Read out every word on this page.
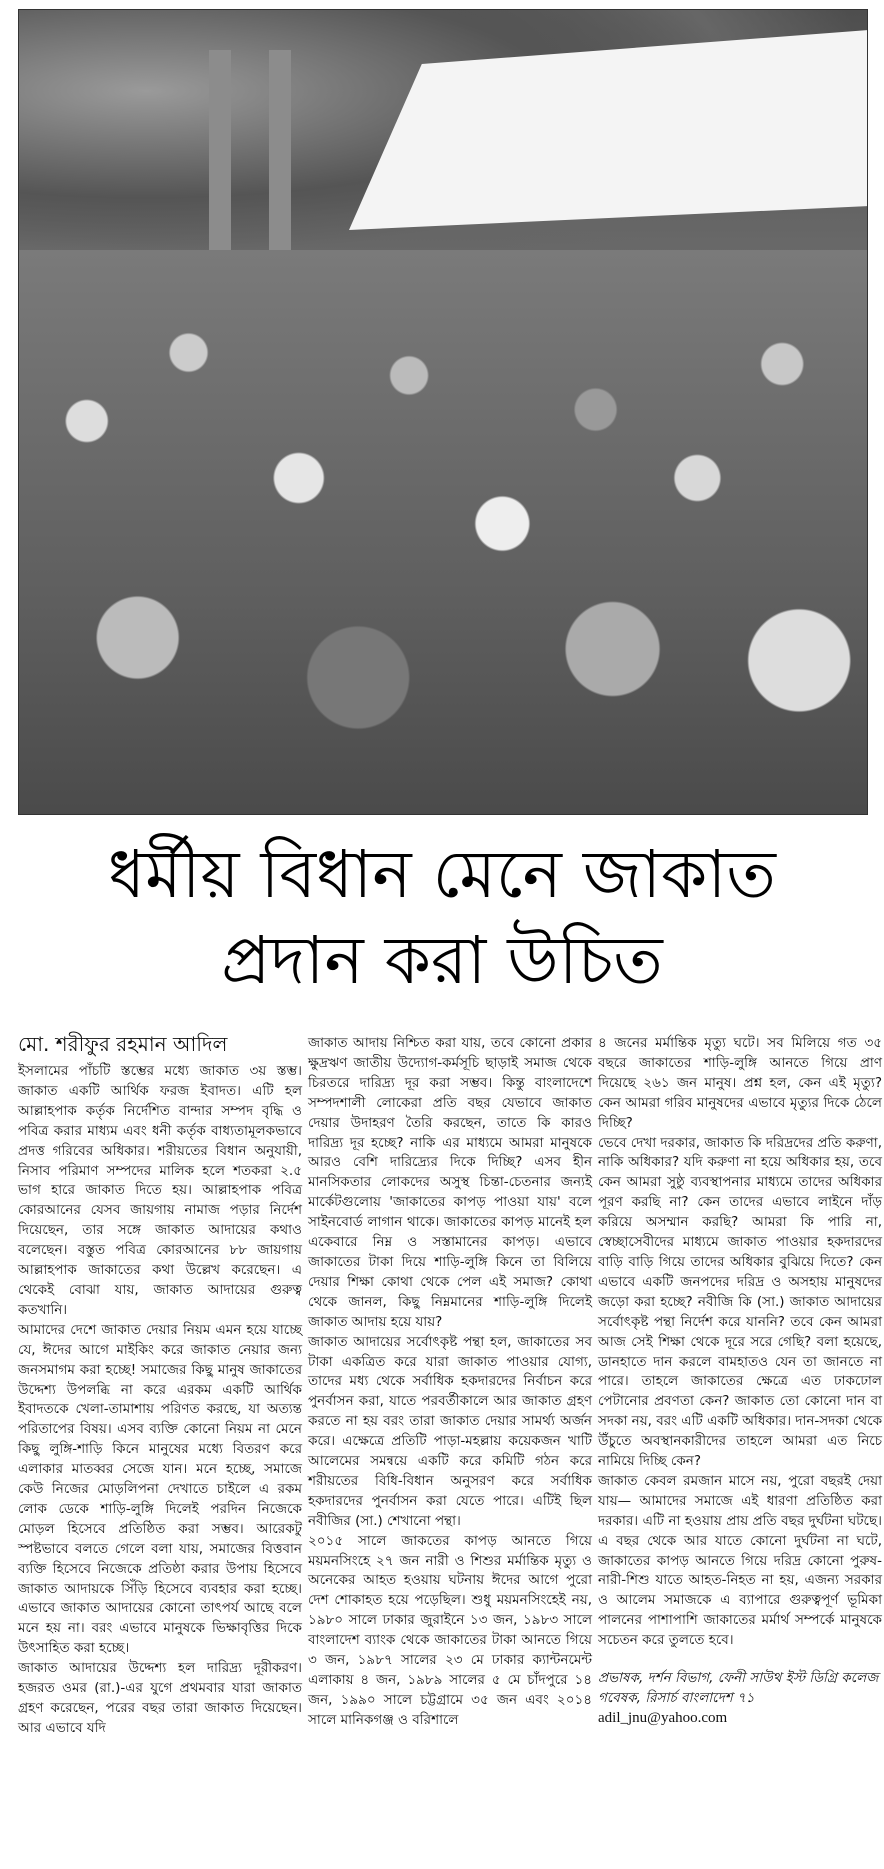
ধর্মীয় বিধান মেনে জাকাত
প্রদান করা উচিত
মো. শরীফুর রহমান আদিল

ইসলামের পাঁচটি স্তম্ভের মধ্যে জাকাত ৩য় স্তম্ভ। জাকাত একটি আর্থিক ফরজ ইবাদত। এটি হল আল্লাহপাক কর্তৃক নির্দেশিত বান্দার সম্পদ বৃদ্ধি ও পবিত্র করার মাধ্যম এবং ধনী কর্তৃক বাধ্যতামূলকভাবে প্রদত্ত গরিবের অধিকার। শরীয়তের বিধান অনুযায়ী, নিসাব পরিমাণ সম্পদের মালিক হলে শতকরা ২.৫ ভাগ হারে জাকাত দিতে হয়। আল্লাহপাক পবিত্র কোরআনের যেসব জায়গায় নামাজ পড়ার নির্দেশ দিয়েছেন, তার সঙ্গে জাকাত আদায়ের কথাও বলেছেন। বস্তুত পবিত্র কোরআনের ৮৮ জায়গায় আল্লাহপাক জাকাতের কথা উল্লেখ করেছেন। এ থেকেই বোঝা যায়, জাকাত আদায়ের গুরুত্ব কতখানি।

আমাদের দেশে জাকাত দেয়ার নিয়ম এমন হয়ে যাচ্ছে যে, ঈদের আগে মাইকিং করে জাকাত নেয়ার জন্য জনসমাগম করা হচ্ছে! সমাজের কিছু মানুষ জাকাতের উদ্দেশ্য উপলব্ধি না করে এরকম একটি আর্থিক ইবাদতকে খেলা-তামাশায় পরিণত করছে, যা অত্যন্ত পরিতাপের বিষয়। এসব ব্যক্তি কোনো নিয়ম না মেনে কিছু লুঙ্গি-শাড়ি কিনে মানুষের মধ্যে বিতরণ করে এলাকার মাতব্বর সেজে যান। মনে হচ্ছে, সমাজে কেউ নিজের মোড়লিপনা দেখাতে চাইলে এ রকম লোক ডেকে শাড়ি-লুঙ্গি দিলেই পরদিন নিজেকে মোড়ল হিসেবে প্রতিষ্ঠিত করা সম্ভব। আরেকটু স্পষ্টভাবে বলতে গেলে বলা যায়, সমাজের বিত্তবান ব্যক্তি হিসেবে নিজেকে প্রতিষ্ঠা করার উপায় হিসেবে জাকাত আদায়কে সিঁড়ি হিসেবে ব্যবহার করা হচ্ছে। এভাবে জাকাত আদায়ের কোনো তাৎপর্য আছে বলে মনে হয় না। বরং এভাবে মানুষকে ভিক্ষাবৃত্তির দিকে উৎসাহিত করা হচ্ছে।

জাকাত আদায়ের উদ্দেশ্য হল দারিদ্র্য দূরীকরণ। হজরত ওমর (রা.)-এর যুগে প্রথমবার যারা জাকাত গ্রহণ করেছেন, পরের বছর তারা জাকাত দিয়েছেন। আর এভাবে যদি

জাকাত আদায় নিশ্চিত করা যায়, তবে কোনো প্রকার ক্ষুদ্রঋণ জাতীয় উদ্যোগ-কর্মসূচি ছাড়াই সমাজ থেকে চিরতরে দারিদ্র্য দূর করা সম্ভব। কিন্তু বাংলাদেশে সম্পদশালী লোকেরা প্রতি বছর যেভাবে জাকাত দেয়ার উদাহরণ তৈরি করছেন, তাতে কি কারও দারিদ্র্য দূর হচ্ছে? নাকি এর মাধ্যমে আমরা মানুষকে আরও বেশি দারিদ্র্যের দিকে দিচ্ছি? এসব হীন মানসিকতার লোকদের অসুস্থ চিন্তা-চেতনার জন্যই মার্কেটগুলোয় 'জাকাতের কাপড় পাওয়া যায়' বলে সাইনবোর্ড লাগান থাকে। জাকাতের কাপড় মানেই হল একেবারে নিম্ন ও সস্তামানের কাপড়। এভাবে জাকাতের টাকা দিয়ে শাড়ি-লুঙ্গি কিনে তা বিলিয়ে দেয়ার শিক্ষা কোথা থেকে পেল এই সমাজ? কোথা থেকে জানল, কিছু নিম্নমানের শাড়ি-লুঙ্গি দিলেই জাকাত আদায় হয়ে যায়?

জাকাত আদায়ের সর্বোৎকৃষ্ট পন্থা হল, জাকাতের সব টাকা একত্রিত করে যারা জাকাত পাওয়ার যোগ্য, তাদের মধ্য থেকে সর্বাধিক হকদারদের নির্বাচন করে পুনর্বাসন করা, যাতে পরবর্তীকালে আর জাকাত গ্রহণ করতে না হয় বরং তারা জাকাত দেয়ার সামর্থ্য অর্জন করে। এক্ষেত্রে প্রতিটি পাড়া-মহল্লায় কয়েকজন খাটি আলেমের সমন্বয়ে একটি করে কমিটি গঠন করে শরীয়তের বিধি-বিধান অনুসরণ করে সর্বাধিক হকদারদের পুনর্বাসন করা যেতে পারে। এটিই ছিল নবীজির (সা.) শেখানো পন্থা।

২০১৫ সালে জাকতের কাপড় আনতে গিয়ে ময়মনসিংহে ২৭ জন নারী ও শিশুর মর্মান্তিক মৃত্যু ও অনেকের আহত হওয়ায় ঘটনায় ঈদের আগে পুরো দেশ শোকাহত হয়ে পড়েছিল। শুধু ময়মনসিংহেই নয়, ১৯৮০ সালে ঢাকার জুরাইনে ১৩ জন, ১৯৮৩ সালে বাংলাদেশ ব্যাংক থেকে জাকাতের টাকা আনতে গিয়ে ৩ জন, ১৯৮৭ সালের ২৩ মে ঢাকার ক্যান্টনমেন্ট এলাকায় ৪ জন, ১৯৮৯ সালের ৫ মে চাঁদপুরে ১৪ জন, ১৯৯০ সালে চট্টগ্রামে ৩৫ জন এবং ২০১৪ সালে মানিকগঞ্জ ও বরিশালে

৪ জনের মর্মান্তিক মৃত্যু ঘটে। সব মিলিয়ে গত ৩৫ বছরে জাকাতের শাড়ি-লুঙ্গি আনতে গিয়ে প্রাণ দিয়েছে ২৬১ জন মানুষ। প্রশ্ন হল, কেন এই মৃত্যু? কেন আমরা গরিব মানুষদের এভাবে মৃত্যুর দিকে ঠেলে দিচ্ছি?

ভেবে দেখা দরকার, জাকাত কি দরিদ্রদের প্রতি করুণা, নাকি অধিকার? যদি করুণা না হয়ে অধিকার হয়, তবে কেন আমরা সুষ্ঠু ব্যবস্থাপনার মাধ্যমে তাদের অধিকার পূরণ করছি না? কেন তাদের এভাবে লাইনে দাঁড় করিয়ে অসম্মান করছি? আমরা কি পারি না, স্বেচ্ছাসেবীদের মাধ্যমে জাকাত পাওয়ার হকদারদের বাড়ি বাড়ি গিয়ে তাদের অধিকার বুঝিয়ে দিতে? কেন এভাবে একটি জনপদের দরিদ্র ও অসহায় মানুষদের জড়ো করা হচ্ছে? নবীজি কি (সা.) জাকাত আদায়ের সর্বোৎকৃষ্ট পন্থা নির্দেশ করে যাননি? তবে কেন আমরা আজ সেই শিক্ষা থেকে দূরে সরে গেছি? বলা হয়েছে, ডানহাতে দান করলে বামহাতও যেন তা জানতে না পারে। তাহলে জাকাতের ক্ষেত্রে এত ঢাকঢোল পেটানোর প্রবণতা কেন? জাকাত তো কোনো দান বা সদকা নয়, বরং এটি একটি অধিকার। দান-সদকা থেকে উঁচুতে অবস্থানকারীদের তাহলে আমরা এত নিচে নামিয়ে দিচ্ছি কেন?

জাকাত কেবল রমজান মাসে নয়, পুরো বছরই দেয়া যায়— আমাদের সমাজে এই ধারণা প্রতিষ্ঠিত করা দরকার। এটি না হওয়ায় প্রায় প্রতি বছর দুর্ঘটনা ঘটছে। এ বছর থেকে আর যাতে কোনো দুর্ঘটনা না ঘটে, জাকাতের কাপড় আনতে গিয়ে দরিদ্র কোনো পুরুষ-নারী-শিশু যাতে আহত-নিহত না হয়, এজন্য সরকার ও আলেম সমাজকে এ ব্যাপারে গুরুত্বপূর্ণ ভূমিকা পালনের পাশাপাশি জাকাতের মর্মার্থ সম্পর্কে মানুষকে সচেতন করে তুলতে হবে।

প্রভাষক, দর্শন বিভাগ, ফেনী সাউথ ইস্ট ডিগ্রি কলেজ
গবেষক, রিসার্চ বাংলাদেশ ৭১
adil_jnu@yahoo.com
